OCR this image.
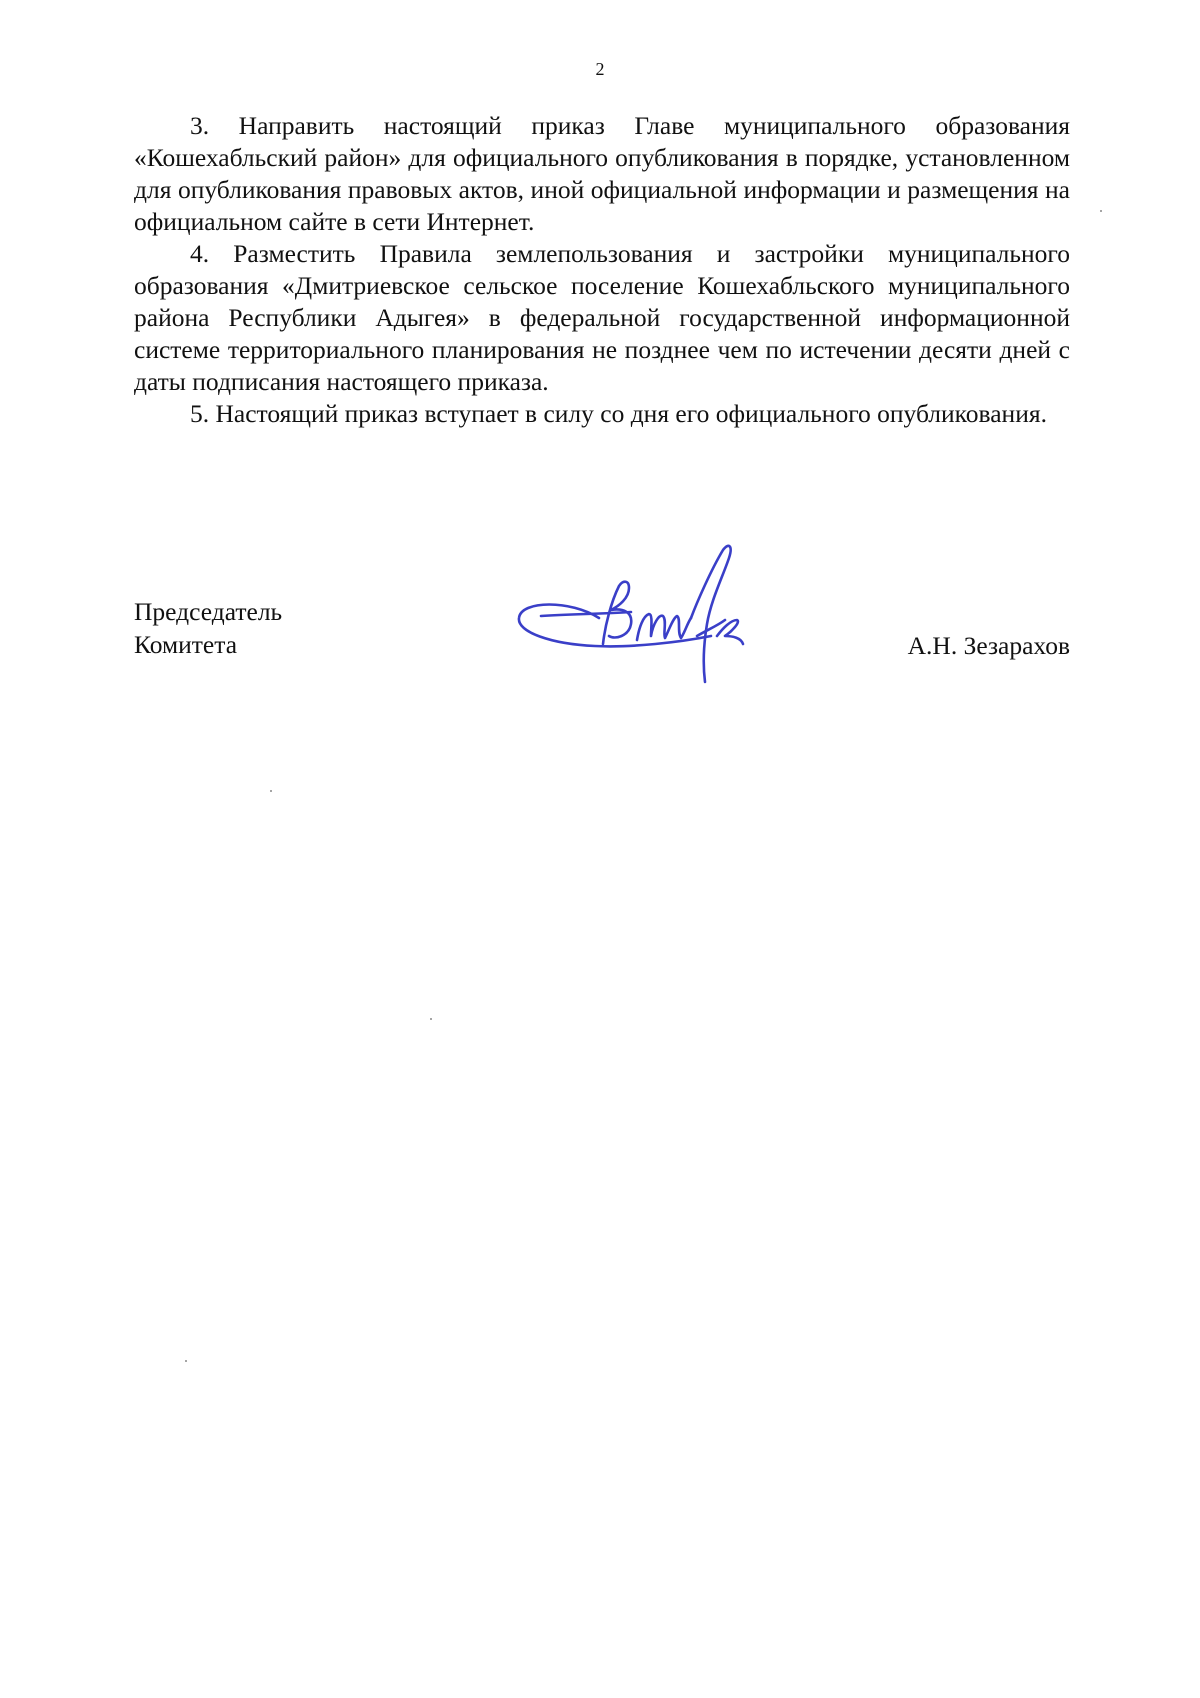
2

3. Направить настоящий приказ Главе муниципального образования «Кошехабльский район» для официального опубликования в порядке, установленном для опубликования правовых актов, иной официальной информации и размещения на официальном сайте в сети Интернет.

4. Разместить Правила землепользования и застройки муниципального образования «Дмитриевское сельское поселение Кошехабльского муниципального района Республики Адыгея» в федеральной государственной информационной системе территориального планирования не позднее чем по истечении десяти дней с даты подписания настоящего приказа.

5. Настоящий приказ вступает в силу со дня его официального опубликования.

Председатель
Комитета	А.Н. Зезарахов
